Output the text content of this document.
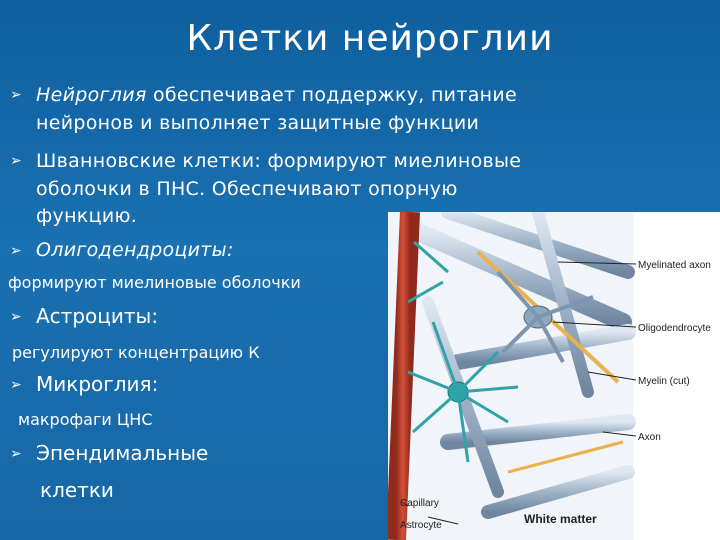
Клетки нейроглии
➢ Нейроглия обеспечивает поддержку, питание
нейронов и выполняет защитные функции
➢ Шванновские клетки: формируют миелиновые
оболочки в ПНС. Обеспечивают опорную
функцию.
➢ Олигодендроциты:
формируют миелиновые оболочки
➢ Астроциты:
регулируют концентрацию К
➢ Микроглия:
макрофаги ЦНС
➢ Эпендимальные
клетки
Myelinated axon
Oligodendrocyte
Myelin (cut)
Axon
Capillary
Astrocyte	White matter
